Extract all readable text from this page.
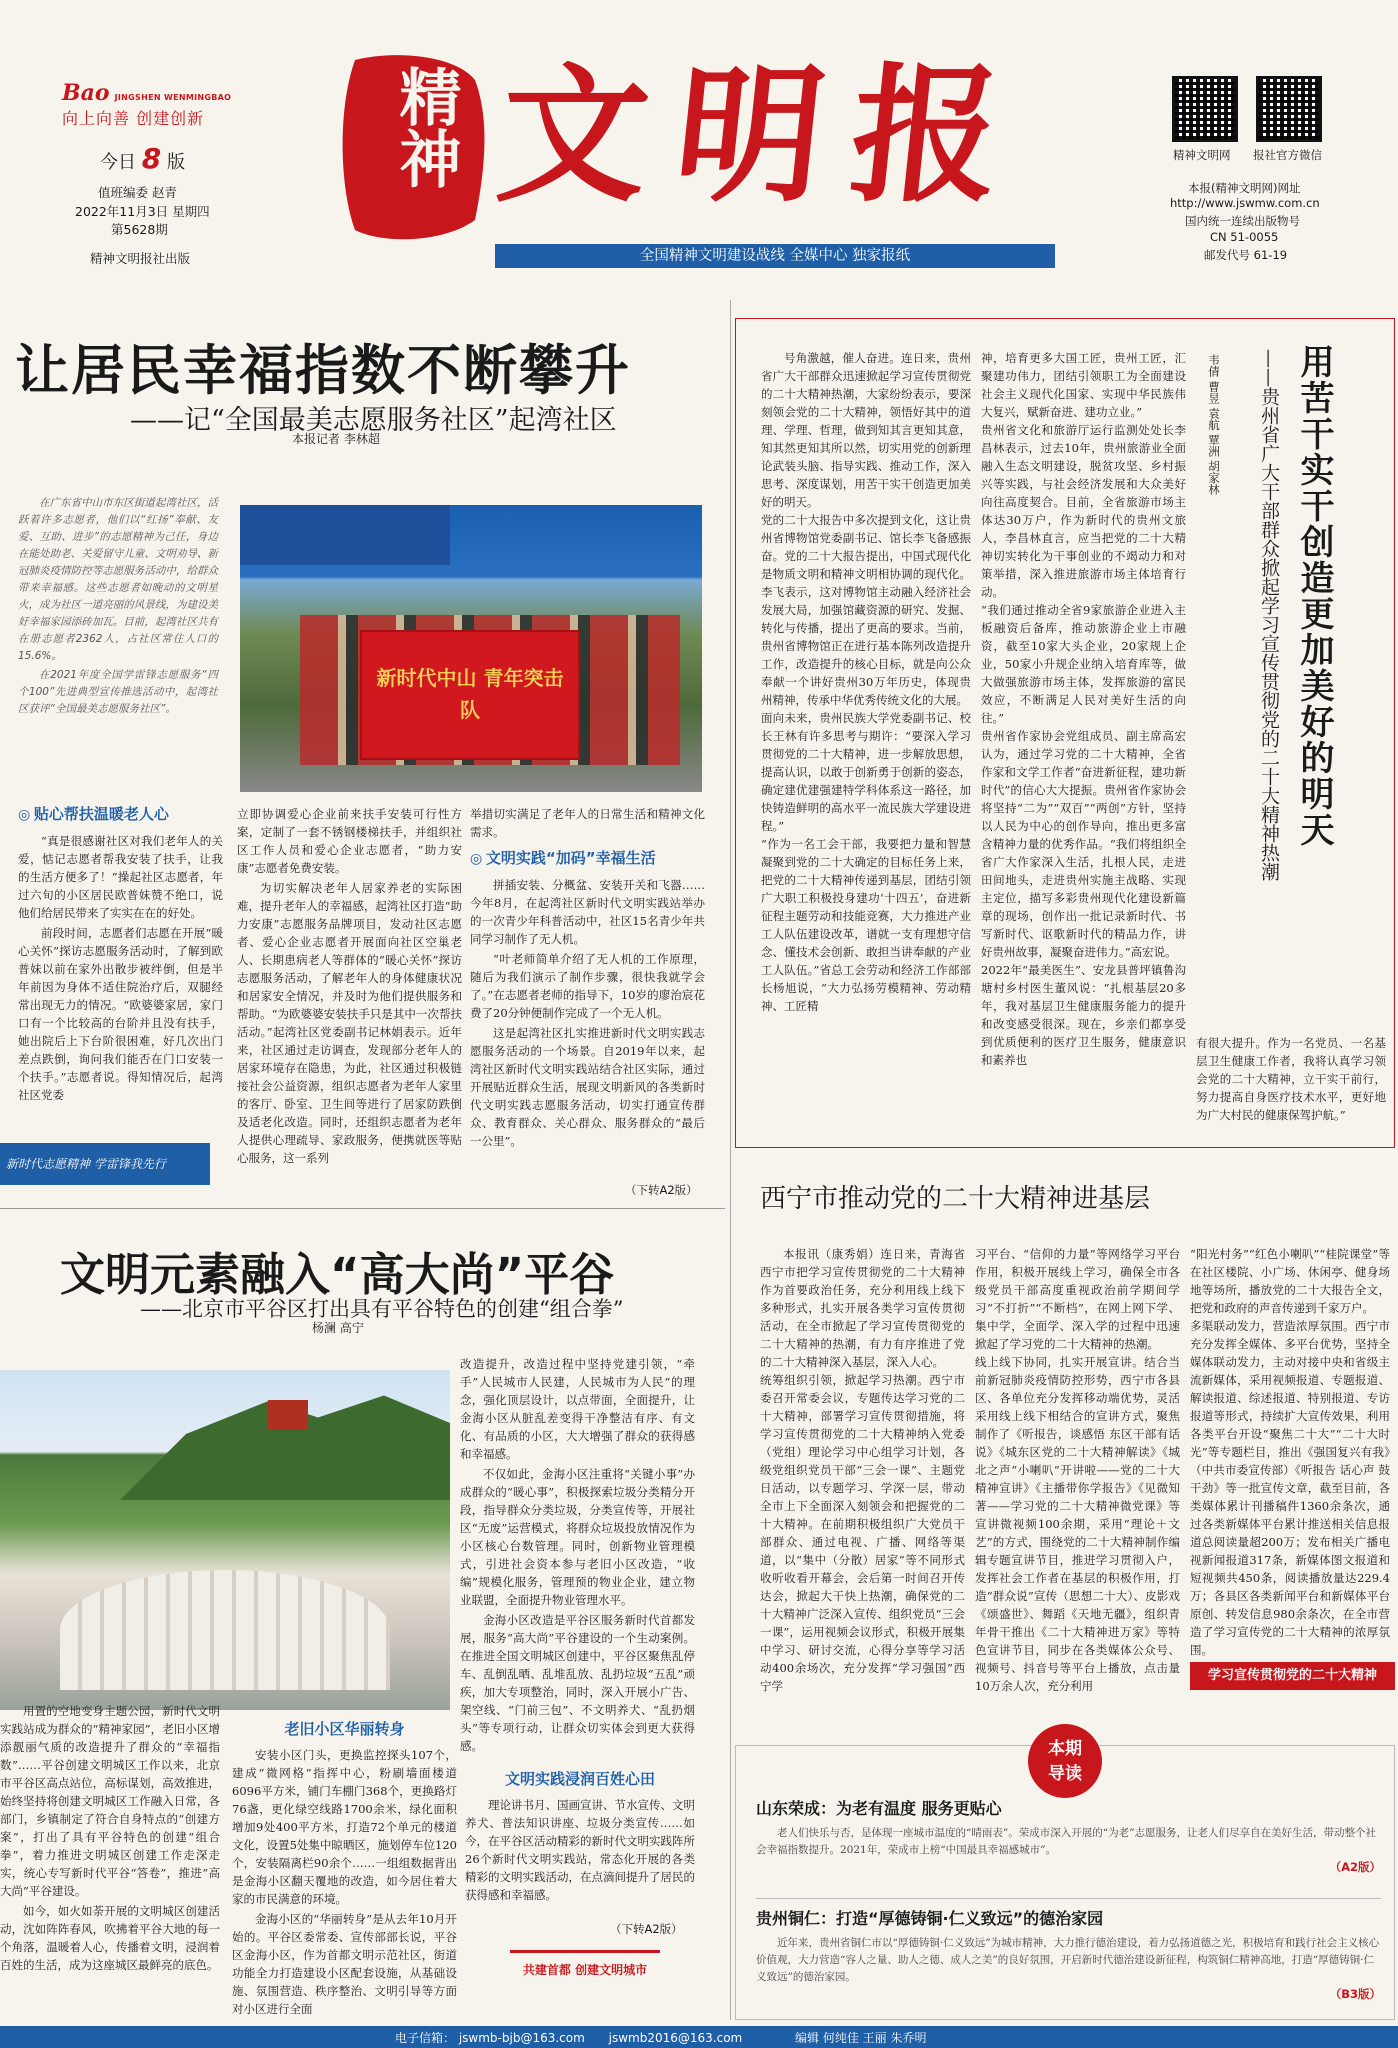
Bao JINGSHEN WENMINGBAO
向上向善 创建创新
今日 8 版
值班编委 赵青
2022年11月3日 星期四
第5628期
精神文明报社出版
精神 文明报
全国精神文明建设战线 全媒中心 独家报纸
精神文明网 报社官方微信
本报(精神文明网)网址
http://www.jswmw.com.cn
国内统一连续出版物号
CN 51-0055
邮发代号 61-19
让居民幸福指数不断攀升
——记“全国最美志愿服务社区”起湾社区
本报记者 李林超

在广东省中山市东区街道起湾社区，活跃着许多志愿者，他们以“红扬”奉献、友爱、互助、进步”的志愿精神为己任，身边在能处助老、关爱留守儿童、文明劝导、新冠肺炎疫情防控等志愿服务活动中，给群众带来幸福感。这些志愿者如晚动的文明星火，成为社区一道亮丽的风景线，为建设美好幸福家园添砖加瓦。目前，起湾社区共有在册志愿者2362人，占社区常住人口的15.6%。

在2021年度全国学雷锋志愿服务“四个100”先进典型宣传推选活动中，起湾社区获评“全国最美志愿服务社区”。

新时代中山 青年突击队
◎ 贴心帮扶温暖老人心

“真是很感谢社区对我们老年人的关爱，惦记志愿者帮我安装了扶手，让我的生活方便多了！”操起社区志愿者，年过六旬的小区居民欧普妹赞不绝口，说他们给居民带来了实实在在的好处。

前段时间，志愿者们志愿在开展“暖心关怀”探访志愿服务活动时，了解到欧普妹以前在家外出散步被绊倒，但是半年前因为身体不适住院治疗后，双腿经常出现无力的情况。“欧婆婆家居，家门口有一个比较高的台阶并且没有扶手，她出院后上下台阶很困难，好几次出门差点跌倒，询问我们能否在门口安装一个扶手。”志愿者说。得知情况后，起湾社区党委

立即协调爱心企业前来扶手安装可行性方案，定制了一套不锈钢楼梯扶手，并组织社区工作人员和爱心企业志愿者，“助力安康”志愿者免费安装。

为切实解决老年人居家养老的实际困难，提升老年人的幸福感，起湾社区打造“助力安康”志愿服务品牌项目，发动社区志愿者、爱心企业志愿者开展面向社区空巢老人、长期患病老人等群体的“暖心关怀”探访志愿服务活动，了解老年人的身体健康状况和居家安全情况，并及时为他们提供服务和帮助。“为欧婆婆安装扶手只是其中一次帮扶活动。”起湾社区党委副书记林娟表示。近年来，社区通过走访调查，发现部分老年人的居家环境存在隐患，为此，社区通过积极链接社会公益资源，组织志愿者为老年人家里的客厅、卧室、卫生间等进行了居家防跌倒及适老化改造。同时，还组织志愿者为老年人提供心理疏导、家政服务，便携就医等贴心服务，这一系列

举措切实满足了老年人的日常生活和精神文化需求。

◎ 文明实践“加码”幸福生活

拼插安装、分概盆、安装开关和飞器……今年8月，在起湾社区新时代文明实践站举办的一次青少年科普活动中，社区15名青少年共同学习制作了无人机。

“叶老师简单介绍了无人机的工作原理，随后为我们演示了制作步骤，很快我就学会了。”在志愿者老师的指导下，10岁的廖治宸花费了20分钟便制作完成了一个无人机。

这是起湾社区扎实推进新时代文明实践志愿服务活动的一个场景。自2019年以来，起湾社区新时代文明实践站结合社区实际，通过开展贴近群众生活，展现文明新风的各类新时代文明实践志愿服务活动，切实打通宣传群众、教育群众、关心群众、服务群众的“最后一公里”。

（下转A2版）
新时代志愿精神 学雷锋我先行
文明元素融入“高大尚”平谷
——北京市平谷区打出具有平谷特色的创建“组合拳”
杨澜 高宁

改造提升，改造过程中坚持党建引领，“牵手”人民城市人民建，人民城市为人民“的理念，强化顶层设计，以点带面，全面提升，让金海小区从脏乱差变得干净整洁有序、有文化、有品质的小区，大大增强了群众的获得感和幸福感。

不仅如此，金海小区注重将“关键小事”办成群众的“暖心事”，积极探索垃圾分类精分开段，指导群众分类垃圾，分类宣传等，开展社区“无废”运营模式，将群众垃圾投放情况作为小区核心台数管理。同时，创新物业管理模式，引进社会资本参与老旧小区改造，“收编”规模化服务，管理预的物业企业，建立物业联盟，全面提升物业管理水平。

金海小区改造是平谷区服务新时代首都发展，服务“高大尚”平谷建设的一个生动案例。在推进全国文明城区创建中，平谷区聚焦乱停车、乱倒乱晒、乱堆乱放、乱扔垃圾“五乱”顽疾，加大专项整治，同时，深入开展小广告、架空线、“门前三包”、不文明养犬、“乱扔烟头”等专项行动，让群众切实体会到更大获得感。

用置的空地变身主题公园，新时代文明实践站成为群众的“精神家园”，老旧小区增添靓丽气质的改造提升了群众的“幸福指数”……平谷创建文明城区工作以来，北京市平谷区高点站位，高标谋划，高效推进，始终坚持将创建文明城区工作融入日常，各部门，乡镇制定了符合自身特点的“创建方案”，打出了具有平谷特色的创建“组合拳”，着力推进文明城区创建工作走深走实，统心专写新时代平谷“答卷”，推进“高大尚”平谷建设。

如今，如火如荼开展的文明城区创建活动，沈如阵阵春风，吹拂着平谷大地的每一个角落，温暖着人心，传播着文明，浸润着百姓的生活，成为这座城区最鲜亮的底色。

老旧小区华丽转身

安装小区门头，更换监控探头107个，建成“微网格”指挥中心，粉刷墙面楼道6096平方米，铺门车棚门368个，更换路灯76盏，更化绿空线路1700余米，绿化面积增加9处400平方米，打造72个单元的楼道文化，设置5处集中晾晒区，施划停车位120个，安装隔离栏90余个……一组组数据背出是金海小区翻天覆地的改造，如今居住着大家的市民满意的环境。

金海小区的“华丽转身”是从去年10月开始的。平谷区委常委、宣传部部长说，平谷区金海小区，作为首都文明示范社区，街道功能全力打造建设小区配套设施，从基础设施、氛围营造、秩序整治、文明引导等方面对小区进行全面

文明实践浸润百姓心田

理论讲书月、国画宣讲、节水宣传、文明养犬、普法知识讲座、垃圾分类宣传……如今，在平谷区活动精彩的新时代文明实践阵所26个新时代文明实践站，常态化开展的各类精彩的文明实践活动，在点滴间提升了居民的获得感和幸福感。

（下转A2版）
共建首都 创建文明城市

号角激越，催人奋进。连日来，贵州省广大干部群众迅速掀起学习宣传贯彻党的二十大精神热潮，大家纷纷表示，要深刻领会党的二十大精神，领悟好其中的道理、学理、哲理，做到知其言更知其意，知其然更知其所以然，切实用党的创新理论武装头脑、指导实践、推动工作，深入思考、深度谋划，用苦干实干创造更加美好的明天。
党的二十大报告中多次提到文化，这让贵州省博物馆党委副书记、馆长李飞备感振奋。党的二十大报告提出，中国式现代化是物质文明和精神文明相协调的现代化。李飞表示，这对博物馆主动融入经济社会发展大局，加强馆藏资源的研究、发掘、转化与传播，提出了更高的要求。当前，贵州省博物馆正在进行基本陈列改造提升工作，改造提升的核心目标，就是向公众奉献一个讲好贵州30万年历史，体现贵州精神，传承中华优秀传统文化的大展。
面向未来，贵州民族大学党委副书记、校长王林有许多思考与期许：“要深入学习贯彻党的二十大精神，进一步解放思想，提高认识，以敢于创新勇于创新的姿态，确定建优建强建特学科体系这一路径，加快铸造鲜明的高水平一流民族大学建设进程。”
“作为一名工会干部，我要把力量和智慧凝聚到党的二十大确定的目标任务上来，把党的二十大精神传递到基层，团结引领广大职工积极投身建功‘十四五’，奋进新征程主题劳动和技能竞赛，大力推进产业工人队伍建设改革，谱就一支有理想守信念、懂技术会创新、敢担当讲奉献的产业工人队伍。”省总工会劳动和经济工作部部长杨旭说，“大力弘扬劳模精神、劳动精神、工匠精

神，培育更多大国工匠，贵州工匠，汇聚建功伟力，团结引领职工为全面建设社会主义现代化国家、实现中华民族伟大复兴，赋新奋进、建功立业。”
贵州省文化和旅游厅运行监测处处长李昌林表示，过去10年，贵州旅游业全面融入生态文明建设，脱贫攻坚、乡村振兴等实践，与社会经济发展和大众美好向往高度契合。目前，全省旅游市场主体达30万户，作为新时代的贵州文旅人，李昌林直言，应当把党的二十大精神切实转化为干事创业的不竭动力和对策举措，深入推进旅游市场主体培育行动。
“我们通过推动全省9家旅游企业进入主板融资后备库，推动旅游企业上市融资，截至10家大头企业，20家规上企业，50家小升规企业纳入培育库等，做大做强旅游市场主体，发挥旅游的富民效应，不断满足人民对美好生活的向往。”
贵州省作家协会党组成员、副主席高宏认为，通过学习党的二十大精神，全省作家和文学工作者“奋进新征程，建功新时代”的信心大大提振。贵州省作家协会将坚持“二为”“双百”“两创”方针，坚持以人民为中心的创作导向，推出更多富含精神力量的优秀作品。“我们将组织全省广大作家深入生活，扎根人民，走进田间地头，走进贵州实施主战略、实现主定位，描写多彩贵州现代化建设新篇章的现场，创作出一批记录新时代、书写新时代、讴歌新时代的精品力作，讲好贵州故事，凝聚奋进伟力。”高宏说。
2022年“最美医生”、安龙县普坪镇鲁沟塘村乡村医生董风说：“扎根基层20多年，我对基层卫生健康服务能力的提升和改变感受很深。现在，乡亲们都享受到优质便利的医疗卫生服务，健康意识和素养也

有很大提升。作为一名党员、一名基层卫生健康工作者，我将认真学习领会党的二十大精神，立干实干前行，努力提高自身医疗技术水平，更好地为广大村民的健康保驾护航。”

用苦干实干创造更加美好的明天
——贵州省广大干部群众掀起学习宣传贯彻党的二十大精神热潮
韦倩 曹昱 袁航 覃洲 胡家林
西宁市推动党的二十大精神进基层

本报讯（康秀娟）连日来，青海省西宁市把学习宣传贯彻党的二十大精神作为首要政治任务，充分利用线上线下多种形式，扎实开展各类学习宣传贯彻活动，在全市掀起了学习宣传贯彻党的二十大精神的热潮，有力有序推进了党的二十大精神深入基层，深入人心。
统筹组织引领，掀起学习热潮。西宁市委召开常委会议，专题传达学习党的二十大精神，部署学习宣传贯彻措施，将学习宣传贯彻党的二十大精神纳入党委（党组）理论学习中心组学习计划，各级党组织党员干部“三会一课”、主题党日活动，以专题学习、学深一层，带动全市上下全面深入刻领会和把握党的二十大精神。在前期积极组织广大党员干部群众、通过电视、广播、网络等渠道，以“集中（分散）居家”等不同形式收听收看开幕会，会后第一时间召开传达会，掀起大干快上热潮，确保党的二十大精神广泛深入宣传、组织党员“三会一课”，运用视频会议形式，积极开展集中学习、研讨交流，心得分享等学习活动400余场次，充分发挥“学习强国”西宁学

习平台、“信仰的力量”等网络学习平台作用，积极开展线上学习，确保全市各级党员干部高度重视政治前学期间学习“不打折”“不断档”，在网上网下学、集中学，全面学、深入学的过程中迅速掀起了学习党的二十大精神的热潮。
线上线下协同，扎实开展宣讲。结合当前新冠肺炎疫情防控形势，西宁市各县区、各单位充分发挥移动端优势，灵活采用线上线下相结合的宣讲方式，聚焦制作了《听报告，谈感悟 东区干部有话说》《城东区党的二十大精神解读》《城北之声“小喇叭”开讲啦——党的二十大精神宣讲》《主播带你学报告》《见微知著——学习党的二十大精神微党课》等宣讲微视频100余期，采用“理论＋文艺”的方式，围绕党的二十大精神制作编辑专题宣讲节目，推进学习贯彻入户，发挥社会工作者在基层的积极作用，打造“群众说”宣传（思想二十大）、皮影戏《颂盛世》、舞蹈《天地无疆》，组织青年骨干推出《二十大精神进万家》等特色宣讲节目，同步在各类媒体公众号、视频号、抖音号等平台上播放，点击量10万余人次，充分利用

“阳光村务”“红色小喇叭”“桂院课堂”等在社区楼院、小广场、休闲亭、健身场地等场所，播放党的二十大报告全文，把党和政府的声音传递到千家万户。
多渠联动发力，营造浓厚氛围。西宁市充分发挥全媒体、多平台优势，坚持全媒体联动发力，主动对接中央和省级主流新媒体，采用视频报道、专题报道、解读报道、综述报道、特别报道、专访报道等形式，持续扩大宣传效果，利用各类平台开设“聚焦二十大”“二十大时光”等专题栏目，推出《强国复兴有我》（中共市委宣传部）《听报告 话心声 鼓干劲》等一批宣传文章，截至目前，各类媒体累计刊播稿件1360余条次，通过各类新媒体平台累计推送相关信息报道总阅读量超200万；发布相关广播电视新闻报道317条，新媒体图文报道和短视频共450条，阅读播放量达229.4万；各县区各类新闻平台和新媒体平台原创、转发信息980余条次，在全市营造了学习宣传党的二十大精神的浓厚氛围。

学习宣传贯彻党的二十大精神
本期
导读
山东荣成：为老有温度 服务更贴心
老人们快乐与否，是体现一座城市温度的“晴雨表”。荣成市深入开展的“为老”志愿服务，让老人们尽享自在美好生活，带动整个社会幸福指数提升。2021年，荣成市上榜“中国最具幸福感城市”。
（A2版）
贵州铜仁：打造“厚德铸铜·仁义致远”的德治家园
近年来，贵州省铜仁市以“厚德铸铜·仁义致远”为城市精神，大力推行德治建设，着力弘扬道德之光，积极培育和践行社会主义核心价值观，大力营造“容人之量、助人之德、成人之美”的良好氛围，开启新时代德治建设新征程，构筑铜仁精神高地，打造“厚德铸铜·仁义致远”的德治家园。
（B3版）
电子信箱： jswmb-bjb@163.com jswmb2016@163.com	编辑 何纯佳 王丽 朱乔明
